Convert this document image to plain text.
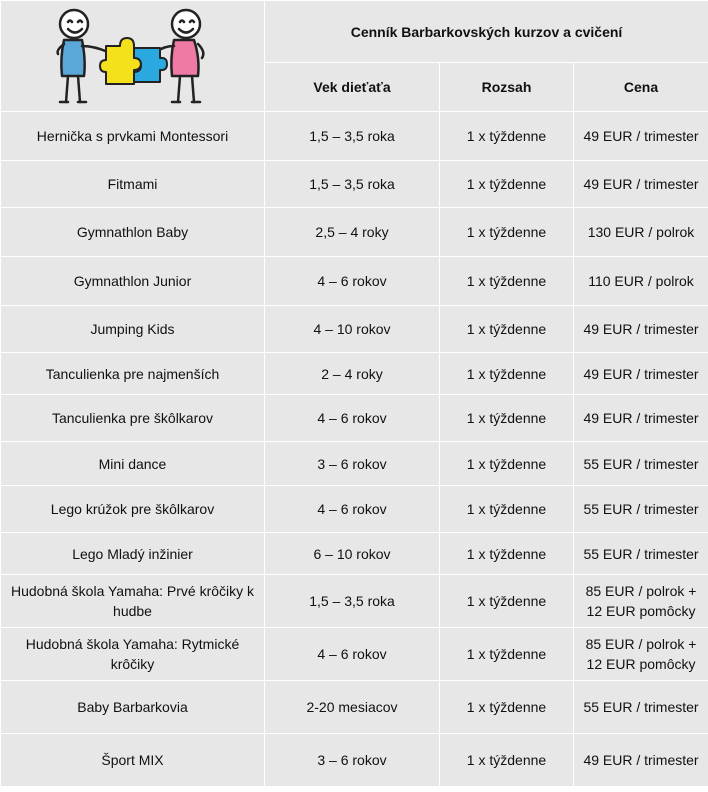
	Cenník Barbarkovských kurzov a cvičení		
	Vek dieťaťa	Rozsah	Cena
Hernička s prvkami Montessori	1,5 – 3,5 roka	1 x týždenne	49 EUR / trimester
Fitmami	1,5 – 3,5 roka	1 x týždenne	49 EUR / trimester
Gymnathlon Baby	2,5 – 4 roky	1 x týždenne	130 EUR / polrok
Gymnathlon Junior	4 – 6 rokov	1 x týždenne	110 EUR / polrok
Jumping Kids	4 – 10 rokov	1 x týždenne	49 EUR / trimester
Tanculienka pre najmenších	2 – 4 roky	1 x týždenne	49 EUR / trimester
Tanculienka pre škôlkarov	4 – 6 rokov	1 x týždenne	49 EUR / trimester
Mini dance	3 – 6 rokov	1 x týždenne	55 EUR / trimester
Lego krúžok pre škôlkarov	4 – 6 rokov	1 x týždenne	55 EUR / trimester
Lego Mladý inžinier	6 – 10 rokov	1 x týždenne	55 EUR / trimester
Hudobná škola Yamaha: Prvé krôčiky k hudbe	1,5 – 3,5 roka	1 x týždenne	85 EUR / polrok + 12 EUR pomôcky
Hudobná škola Yamaha: Rytmické krôčiky	4 – 6 rokov	1 x týždenne	85 EUR / polrok + 12 EUR pomôcky
Baby Barbarkovia	2-20 mesiacov	1 x týždenne	55 EUR / trimester
Šport MIX	3 – 6 rokov	1 x týždenne	49 EUR / trimester
